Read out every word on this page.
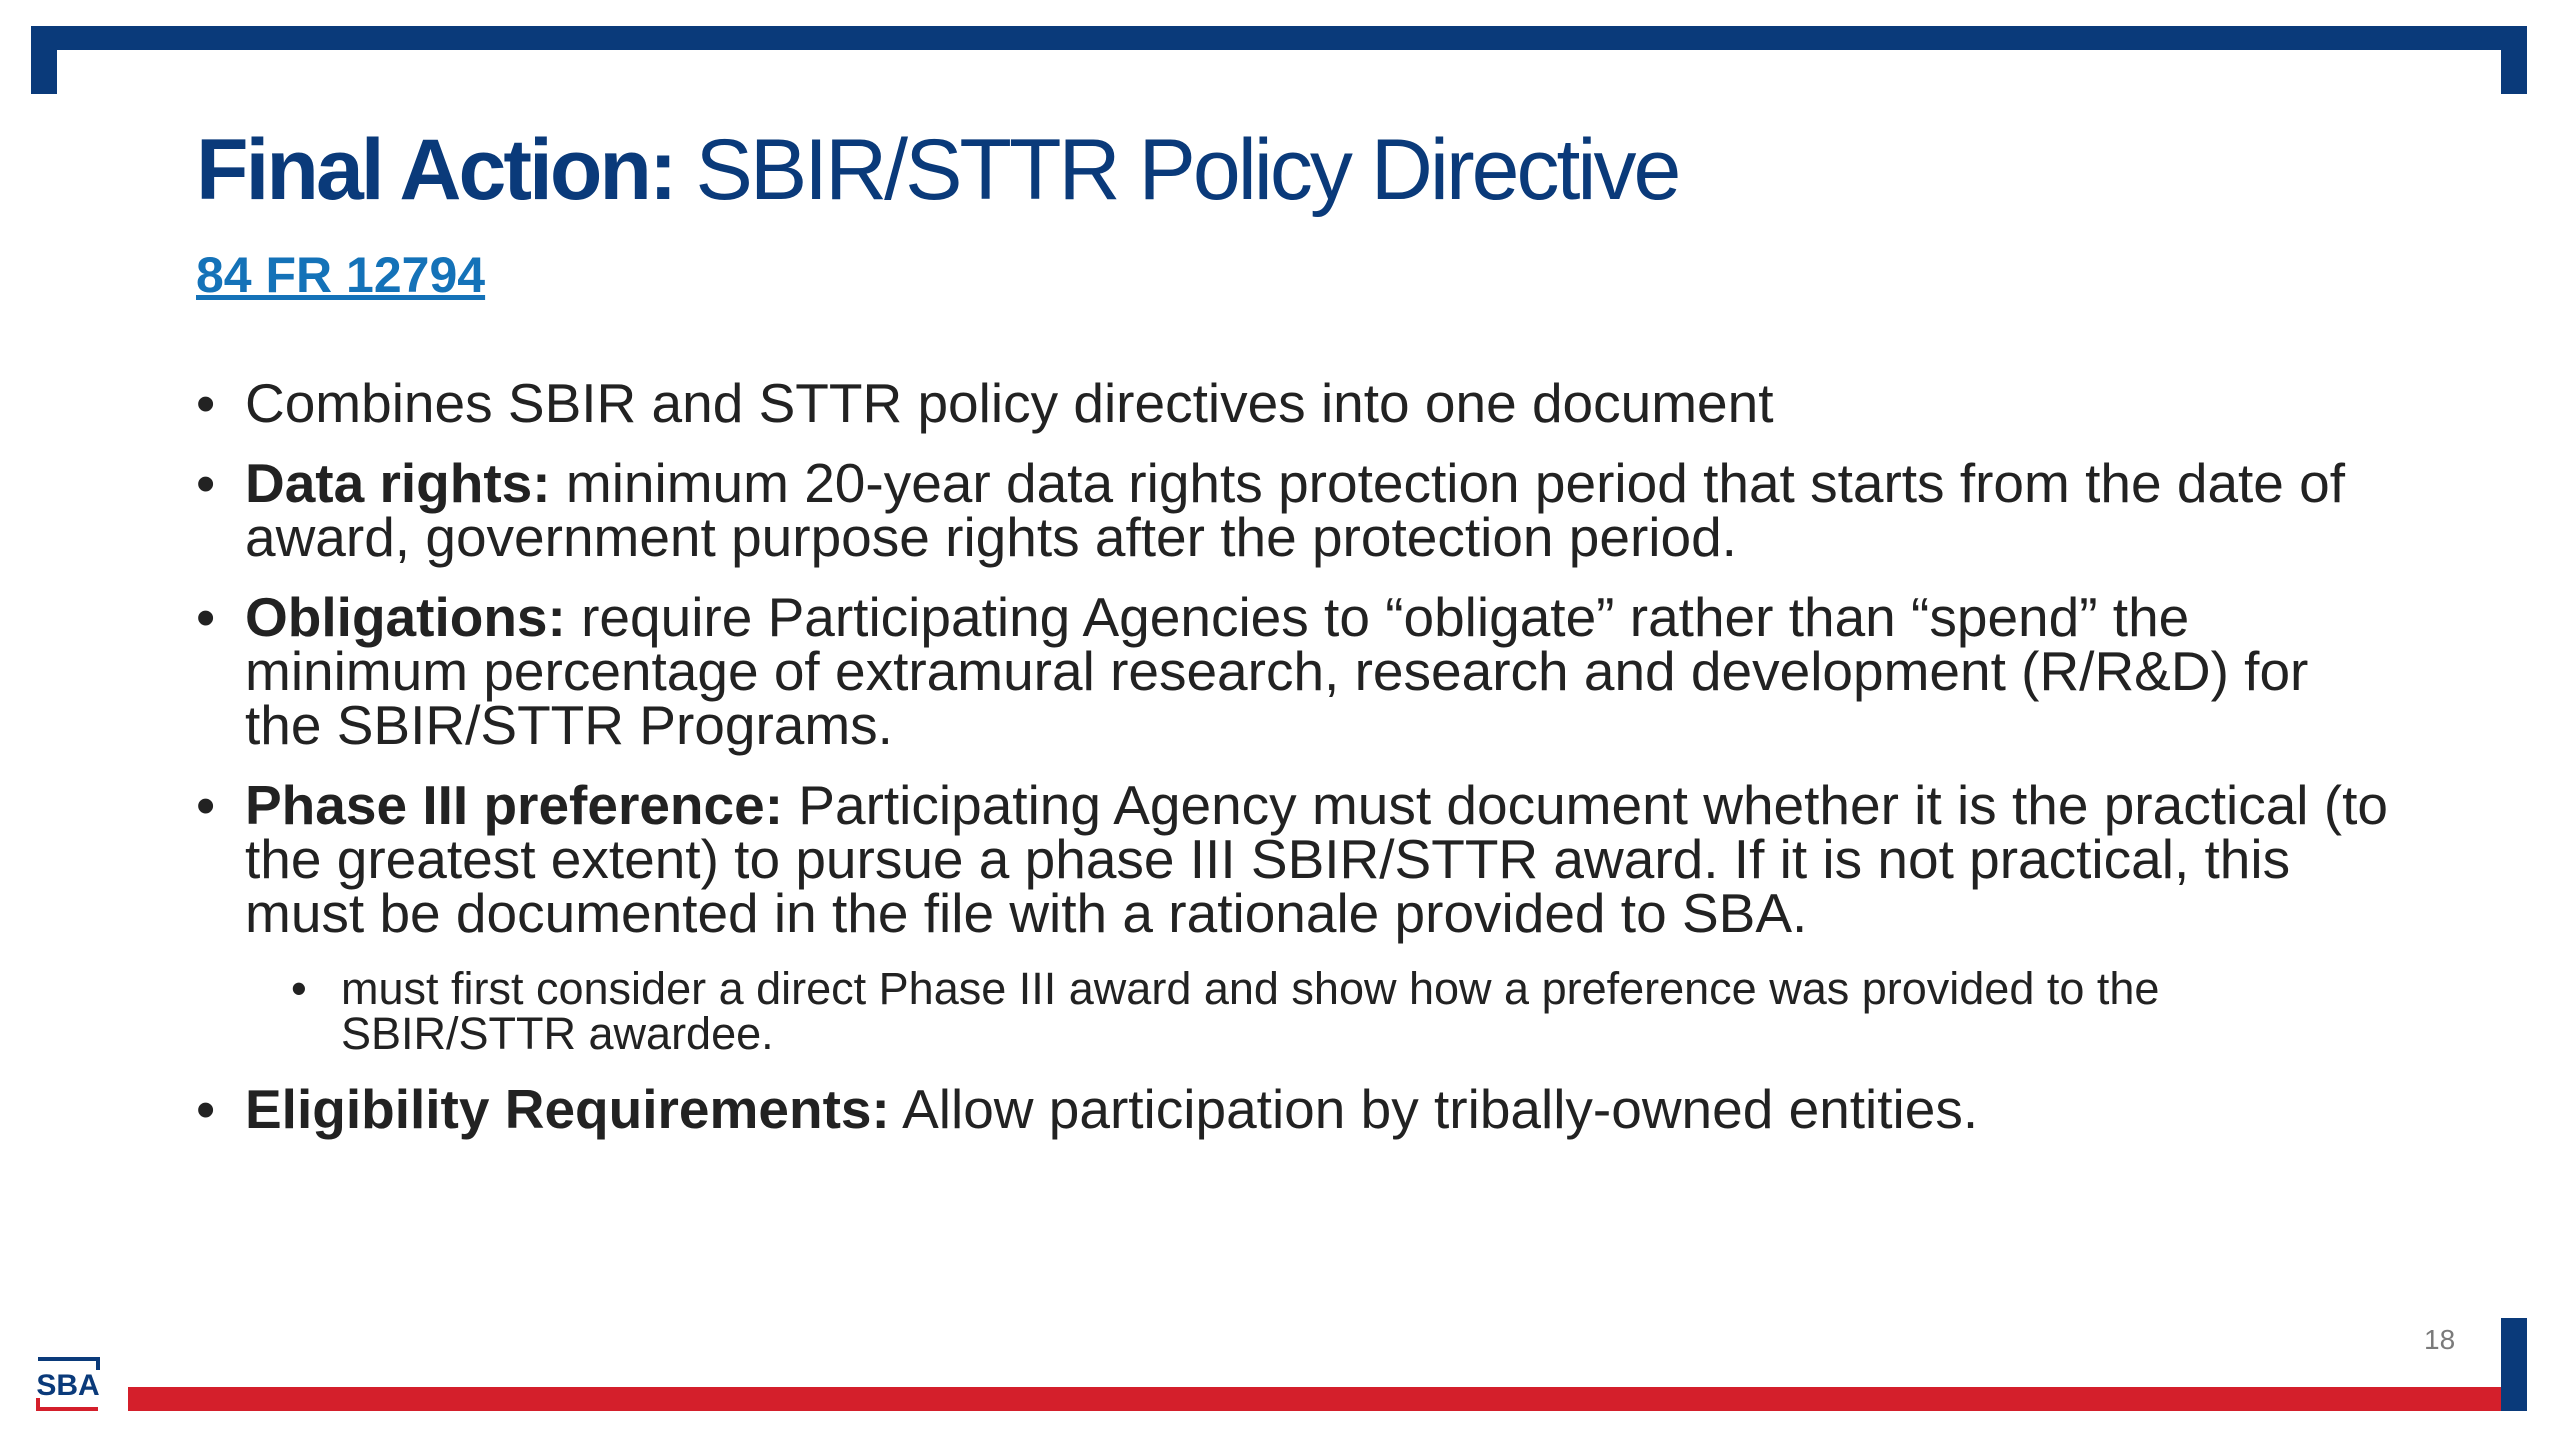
Final Action: SBIR/STTR Policy Directive
84 FR 12794
• Combines SBIR and STTR policy directives into one document
• Data rights: minimum 20-year data rights protection period that starts from the date of award, government purpose rights after the protection period.
• Obligations: require Participating Agencies to “obligate” rather than “spend” the minimum percentage of extramural research, research and development (R/R&D) for the SBIR/STTR Programs.
• Phase III preference: Participating Agency must document whether it is the practical (to the greatest extent) to pursue a phase III SBIR/STTR award. If it is not practical, this must be documented in the file with a rationale provided to SBA.
• must first consider a direct Phase III award and show how a preference was provided to the SBIR/STTR awardee.
• Eligibility Requirements: Allow participation by tribally-owned entities.
18
SBA
